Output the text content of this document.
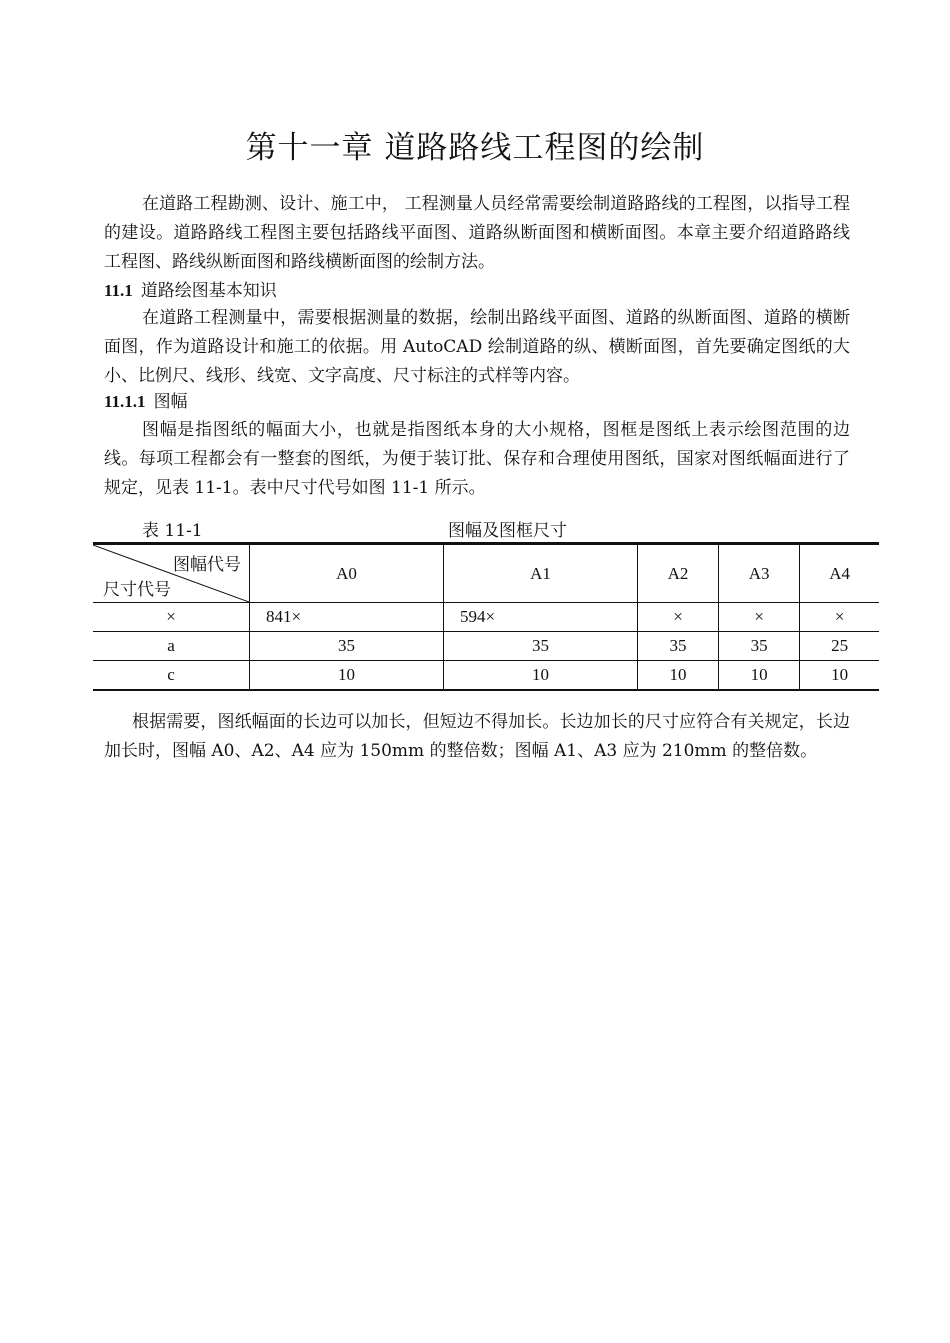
第十一章 道路路线工程图的绘制

在道路工程勘测、设计、施工中， 工程测量人员经常需要绘制道路路线的工程图，以指导工程的建设。道路路线工程图主要包括路线平面图、道路纵断面图和横断面图。本章主要介绍道路路线工程图、路线纵断面图和路线横断面图的绘制方法。

11.1 道路绘图基本知识

在道路工程测量中，需要根据测量的数据，绘制出路线平面图、道路的纵断面图、道路的横断面图，作为道路设计和施工的依据。用 AutoCAD 绘制道路的纵、横断面图，首先要确定图纸的大小、比例尺、线形、线宽、文字高度、尺寸标注的式样等内容。

11.1.1 图幅

图幅是指图纸的幅面大小，也就是指图纸本身的大小规格，图框是图纸上表示绘图范围的边线。每项工程都会有一整套的图纸，为便于装订批、保存和合理使用图纸，国家对图纸幅面进行了规定，见表 11-1。表中尺寸代号如图 11-1 所示。

表 11-1	图幅及图框尺寸
图幅代号
尺寸代号	A0	A1	A2	A3	A4
×	841×	594×	×	×	×
a	35	35	35	35	25
c	10	10	10	10	10

根据需要，图纸幅面的长边可以加长，但短边不得加长。长边加长的尺寸应符合有关规定，长边加长时，图幅 A0、A2、A4 应为 150mm 的整倍数；图幅 A1、A3 应为 210mm 的整倍数。
